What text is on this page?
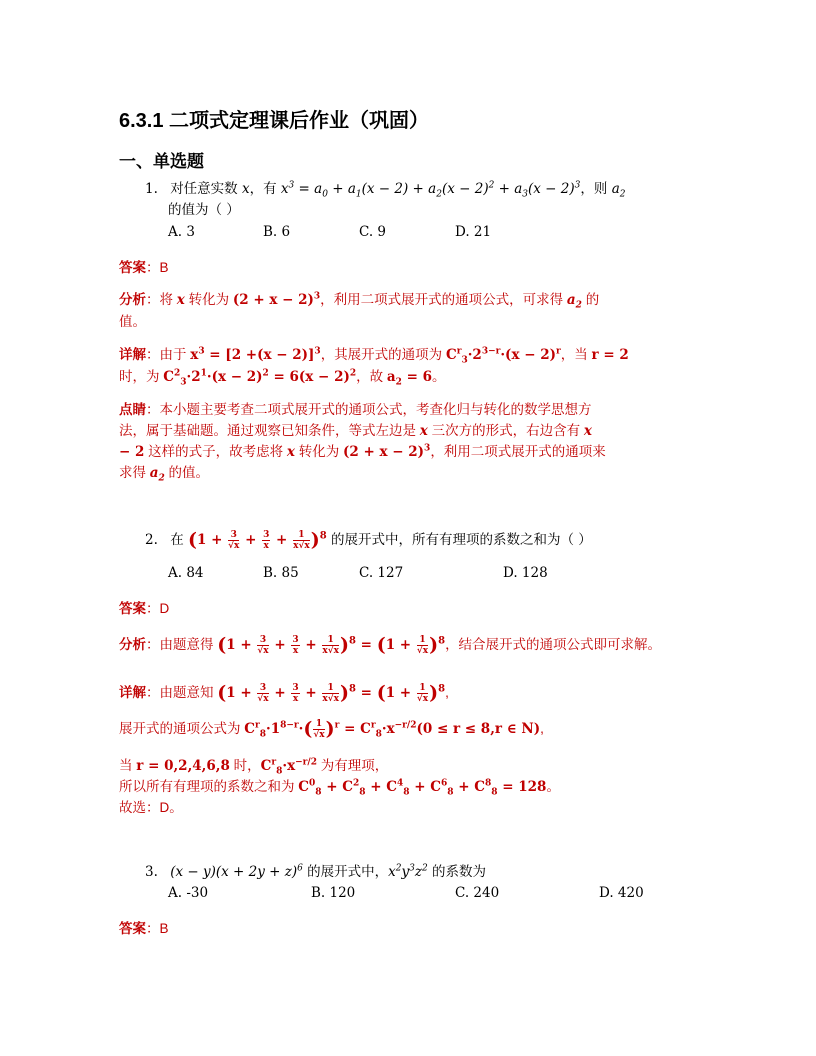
6.3.1 二项式定理课后作业（巩固）
一、单选题
1. 对任意实数 x，有 $x^3 = a_0 + a_1(x - 2) + a_2(x - 2)^2 + a_3(x - 2)^3$，则 $a_2$
的值为（ ）
A. 3	B. 6	C. 9	D. 21
答案：B
分析：将 x 转化为 $(2 + x - 2)^3$，利用二项式展开式的通项公式，可求得 $a_2$ 的
值。
详解：由于 $x^3 = [2 +(x - 2)]^3$，其展开式的通项为 $C^r_3\cdot 2^{3-r}\cdot(x - 2)^r$，当 r = 2
时，为 $C^2_3\cdot 2^1\cdot(x - 2)^2 = 6(x - 2)^2$，故 $a_2 = 6$。
点睛：本小题主要考查二项式展开式的通项公式，考查化归与转化的数学思想方
法，属于基础题。通过观察已知条件，等式左边是 x 三次方的形式，右边含有 x
− 2 这样的式子，故考虑将 x 转化为 $(2 + x - 2)^3$，利用二项式展开式的通项来
求得 $a_2$ 的值。
2. 在 $(1 + \frac{3}{√x} + \frac{3}{x} + \frac{1}{x√x} )^8$ 的展开式中，所有有理项的系数之和为（ ）
A. 84	B. 85	C. 127	D. 128
答案：D
分析：由题意得 $(1 + \frac{3}{√x} + \frac{3}{x} + \frac{1}{x√x} )^8 = (1 + \frac{1}{√x} )^8$，结合展开式的通项公式即可求解。
详解：由题意知 $(1 + \frac{3}{√x} + \frac{3}{x} + \frac{1}{x√x} )^8 = (1 + \frac{1}{√x} )^8$,
展开式的通项公式为 $C^r_8\cdot 1^{8-r}\cdot( \frac{1}{√x} )^r = C^r_8\cdot x^{-r/2}(0 \le r \le 8,r$ ∈ N),
当 r = 0,2,4,6,8 时，$C^r_8\cdot x^{-r/2}$ 为有理项，
所以所有有理项的系数之和为 $C^0_8 + C^2_8 + C^4_8 + C^6_8 + C^8_8 = 128$。
故选：D。
3. $(x - y)(x + 2y + z)^6$ 的展开式中，$x^2y^3z^2$ 的系数为
A. -30	B. 120	C. 240	D. 420
答案：B
